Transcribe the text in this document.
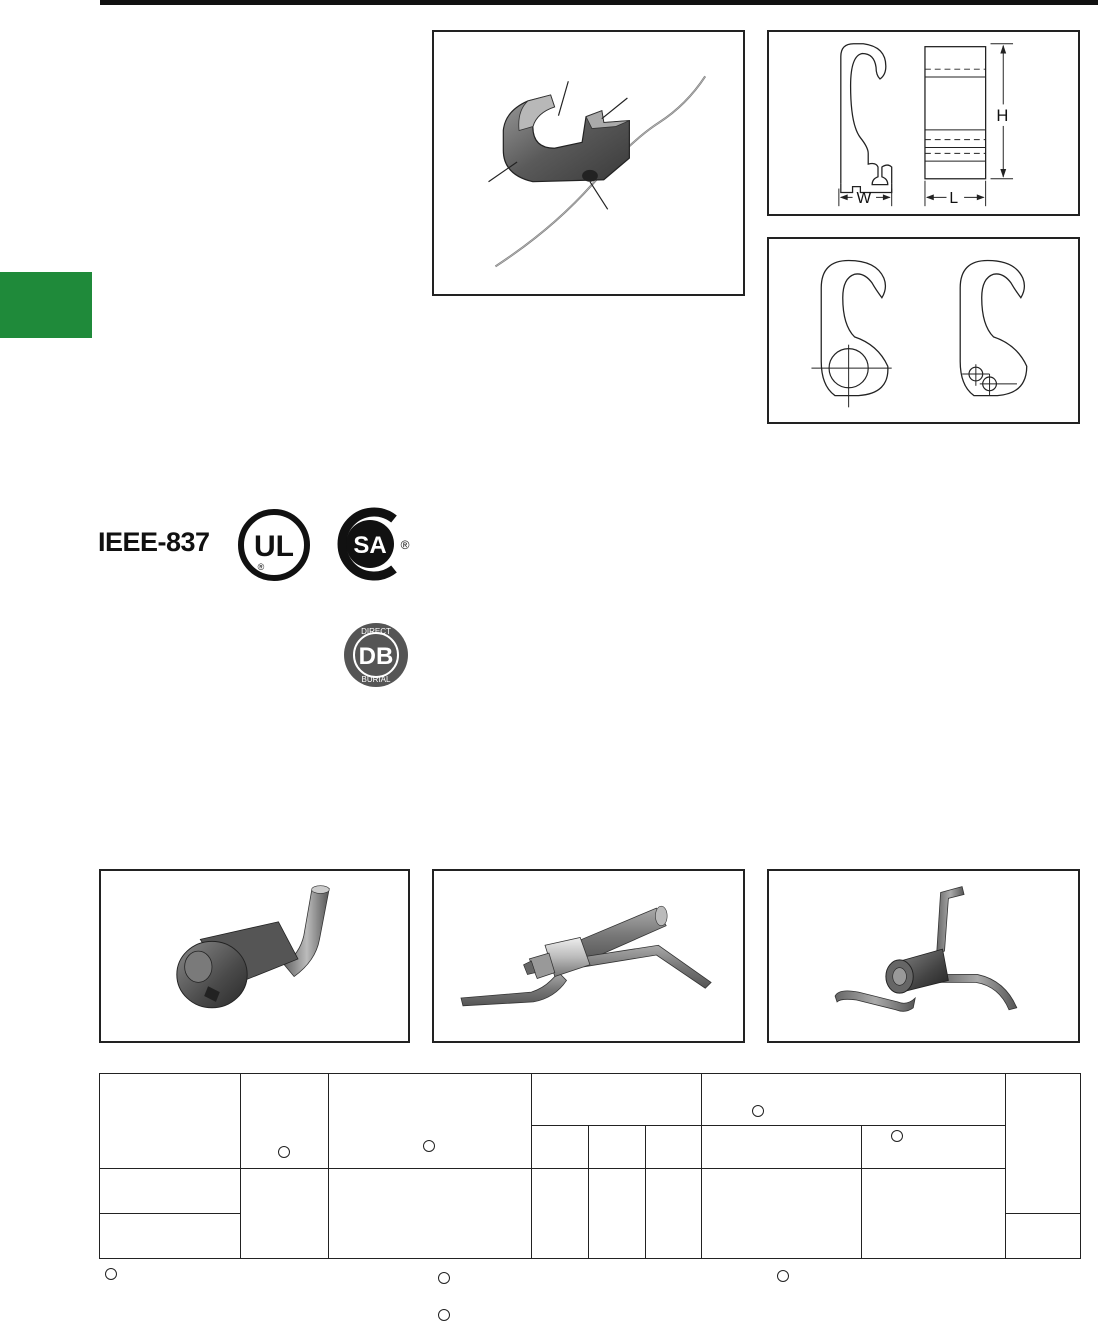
H
W	L
IEEE-837 UL
®
SA ®
DB
DIRECT
BURIAL
